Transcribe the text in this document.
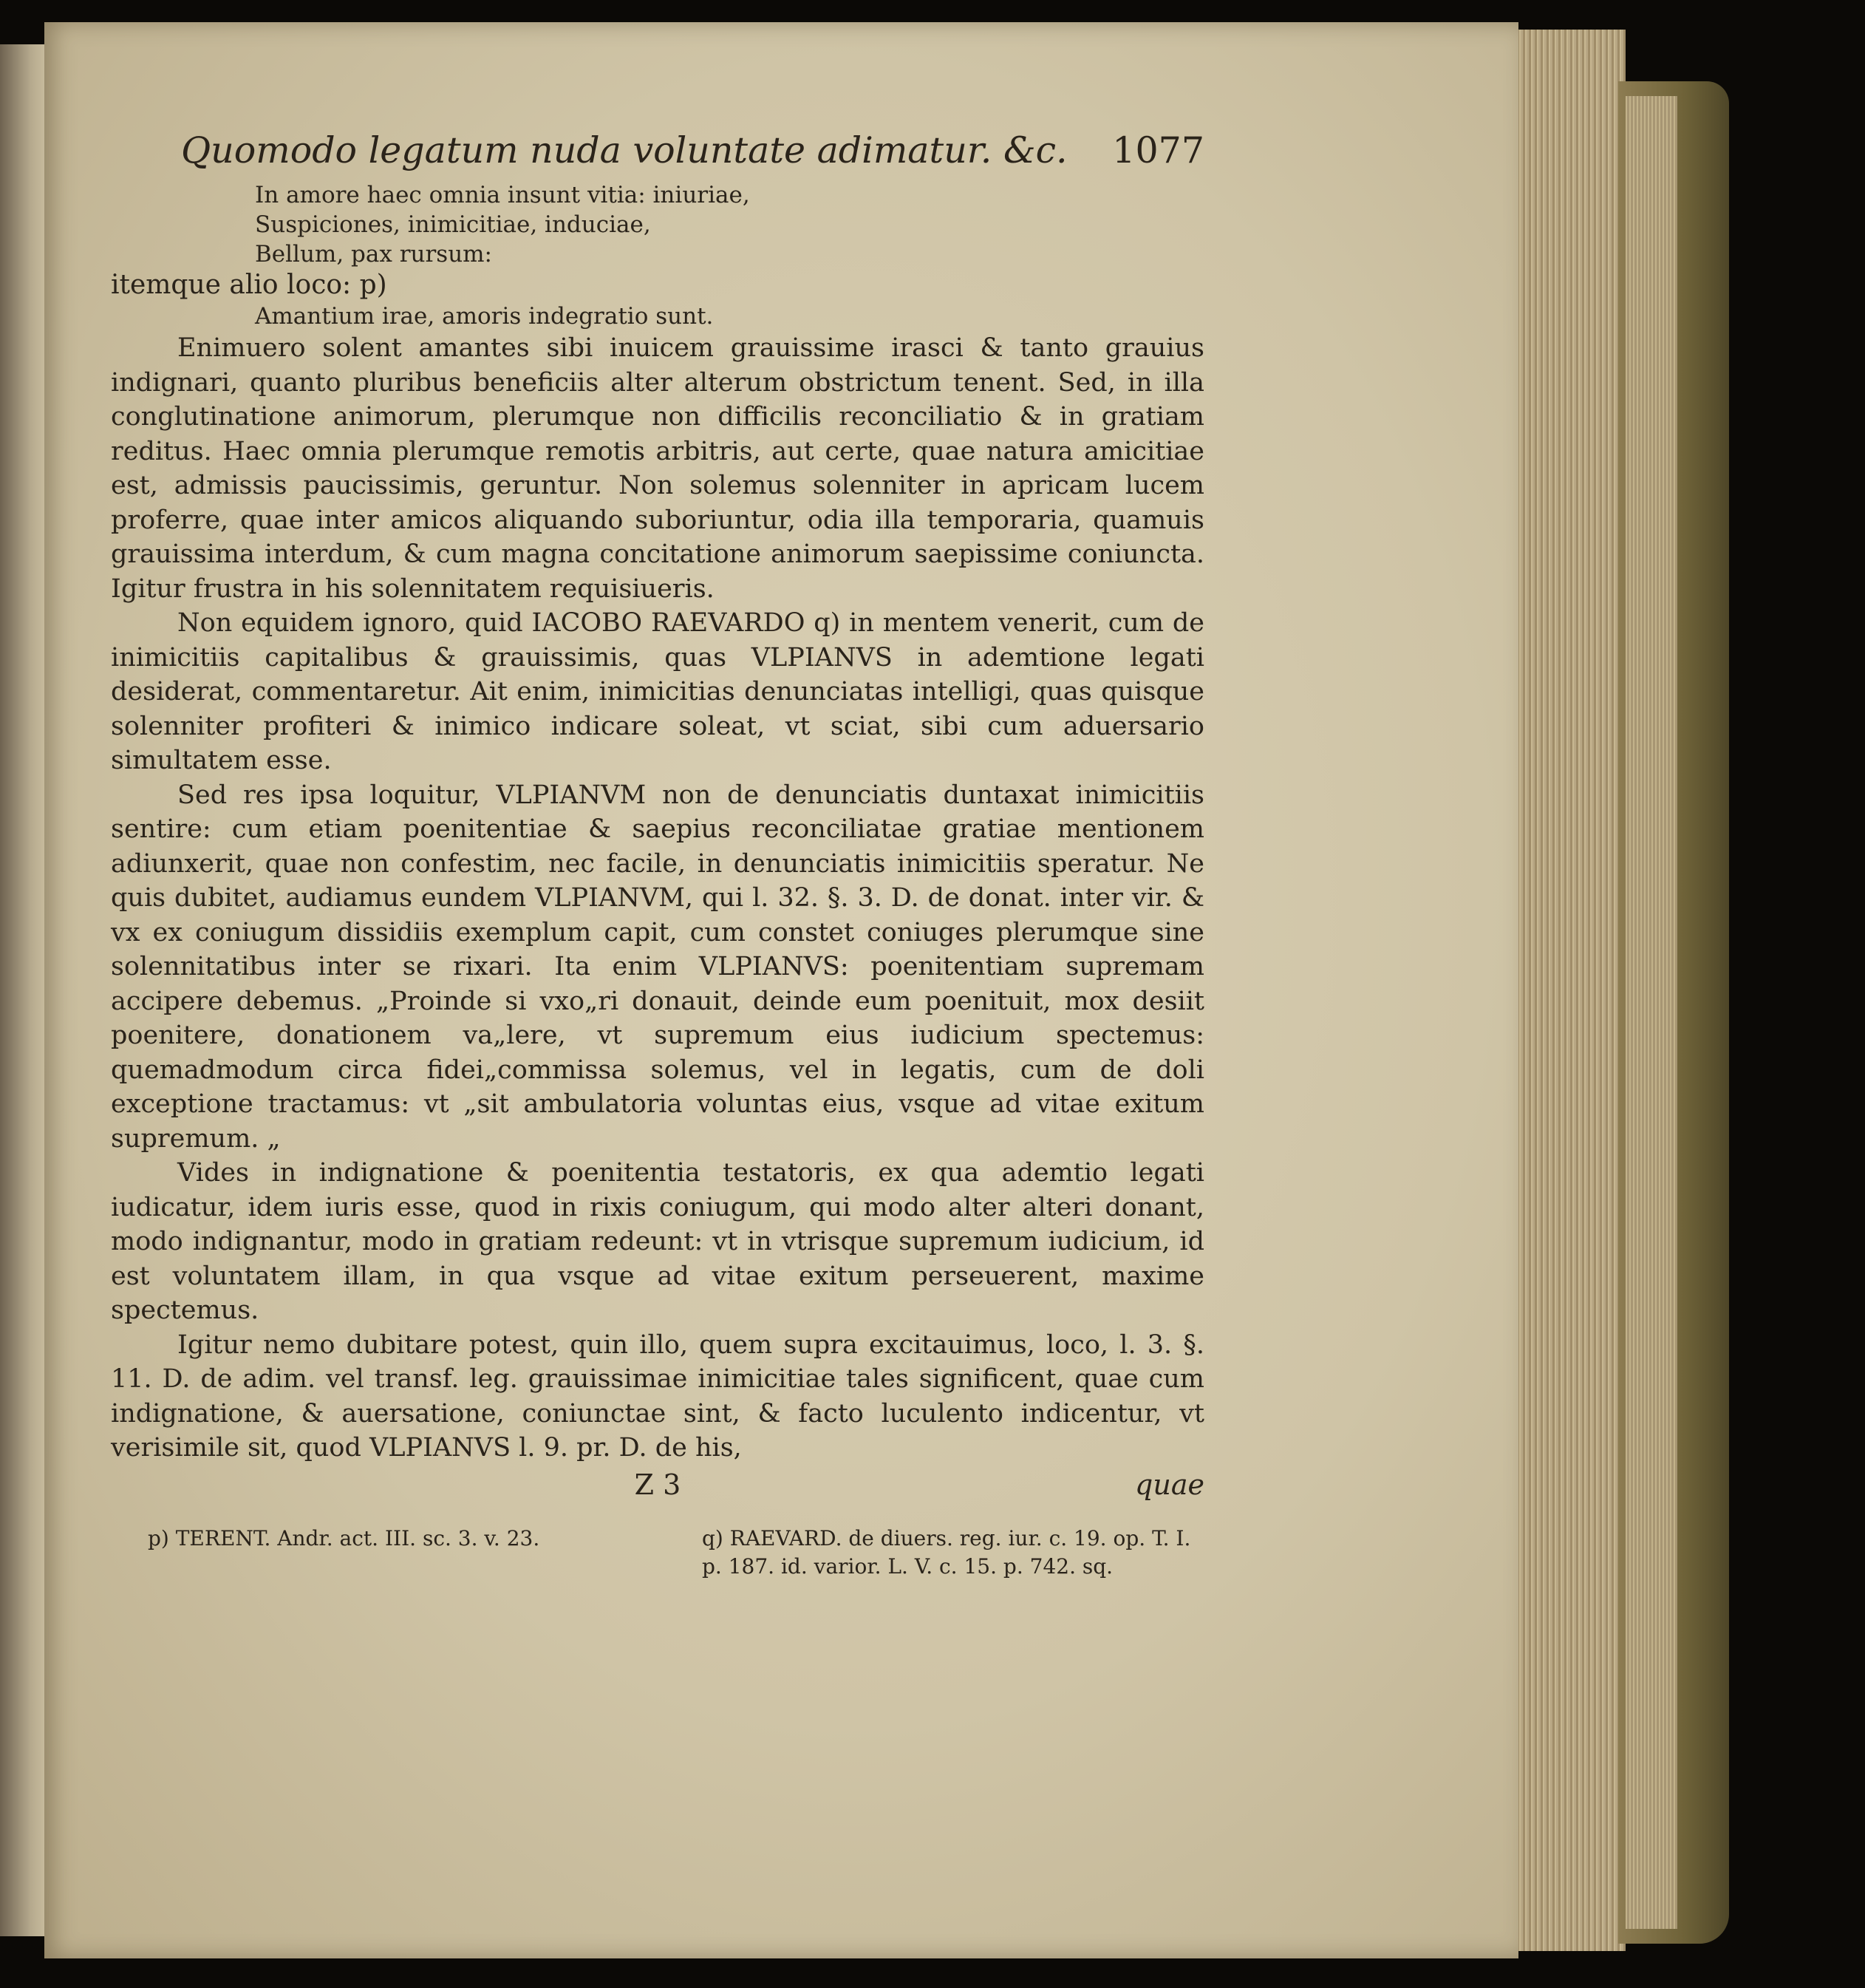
Quomodo legatum nuda voluntate adimatur. &c. 1077
In amore haec omnia insunt vitia: iniuriae,
Suspiciones, inimicitiae, induciae,
Bellum, pax rursum:
itemque alio loco: p)
Amantium irae, amoris indegratio sunt.

Enimuero solent amantes sibi inuicem grauissime irasci & tanto grauius indignari, quanto pluribus beneficiis alter alterum obstrictum tenent. Sed, in illa conglutinatione animorum, plerumque non difficilis reconciliatio & in gratiam reditus. Haec omnia plerumque remotis arbitris, aut certe, quae natura amicitiae est, admissis paucissimis, geruntur. Non solemus solenniter in apricam lucem proferre, quae inter amicos aliquando suboriuntur, odia illa temporaria, quamuis grauissima interdum, & cum magna concitatione animorum saepissime coniuncta. Igitur frustra in his solennitatem requisiueris.

Non equidem ignoro, quid IACOBO RAEVARDO q) in mentem venerit, cum de inimicitiis capitalibus & grauissimis, quas VLPIANVS in ademtione legati desiderat, commentaretur. Ait enim, inimicitias denunciatas intelligi, quas quisque solenniter profiteri & inimico indicare soleat, vt sciat, sibi cum aduersario simultatem esse.

Sed res ipsa loquitur, VLPIANVM non de denunciatis duntaxat inimicitiis sentire: cum etiam poenitentiae & saepius reconciliatae gratiae mentionem adiunxerit, quae non confestim, nec facile, in denunciatis inimicitiis speratur. Ne quis dubitet, audiamus eundem VLPIANVM, qui l. 32. §. 3. D. de donat. inter vir. & vx ex coniugum dissidiis exemplum capit, cum constet coniuges plerumque sine solennitatibus inter se rixari. Ita enim VLPIANVS: poenitentiam supremam accipere debemus. „Proinde si vxo„ri donauit, deinde eum poenituit, mox desiit poenitere, donationem va„lere, vt supremum eius iudicium spectemus: quemadmodum circa fidei„commissa solemus, vel in legatis, cum de doli exceptione tractamus: vt „sit ambulatoria voluntas eius, vsque ad vitae exitum supremum. „

Vides in indignatione & poenitentia testatoris, ex qua ademtio legati iudicatur, idem iuris esse, quod in rixis coniugum, qui modo alter alteri donant, modo indignantur, modo in gratiam redeunt: vt in vtrisque supremum iudicium, id est voluntatem illam, in qua vsque ad vitae exitum perseuerent, maxime spectemus.

Igitur nemo dubitare potest, quin illo, quem supra excitauimus, loco, l. 3. §. 11. D. de adim. vel transf. leg. grauissimae inimicitiae tales significent, quae cum indignatione, & auersatione, coniunctae sint, & facto luculento indicentur, vt verisimile sit, quod VLPIANVS l. 9. pr. D. de his,

Z 3	quae
p) TERENT. Andr. act. III. sc. 3. v. 23.	q) RAEVARD. de diuers. reg. iur. c. 19. op. T. I. p. 187. id. varior. L. V. c. 15. p. 742. sq.
